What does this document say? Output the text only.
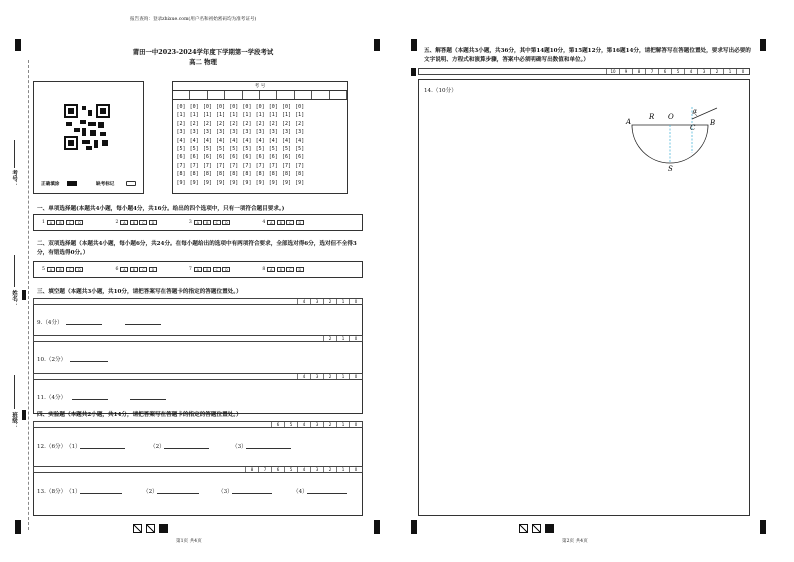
报告查询：登录zhixue.com(用户名和初始密码均为准考证号)
考号：
姓名：
班级：
莆田一中2023-2024学年度下学期第一学段考试
高二 物理
正确填涂	缺考标记
考 号
[0] [0] [0] [0] [0] [0] [0] [0] [0] [0]
[1] [1] [1] [1] [1] [1] [1] [1] [1] [1]
[2] [2] [2] [2] [2] [2] [2] [2] [2] [2]
[3] [3] [3] [3] [3] [3] [3] [3] [3] [3]
[4] [4] [4] [4] [4] [4] [4] [4] [4] [4]
[5] [5] [5] [5] [5] [5] [5] [5] [5] [5]
[6] [6] [6] [6] [6] [6] [6] [6] [6] [6]
[7] [7] [7] [7] [7] [7] [7] [7] [7] [7]
[8] [8] [8] [8] [8] [8] [8] [8] [8] [8]
[9] [9] [9] [9] [9] [9] [9] [9] [9] [9]
一、单项选择题(本题共4小题，每小题4分，共16分。给出的四个选项中，只有一项符合题目要求。)
1	A	B	C	D	2	A	B	C	D	3	A	B	C	D	4	A	B	C	D
二、双项选择题（本题共4小题，每小题6分，共24分。在每小题给出的选项中有两项符合要求，全部选对得6分，选对但不全得3分，有错选得0分。）
5	A	B	C	D	6	A	B	C	D	7	A	B	C	D	8	A	B	C	D
三、填空题（本题共3小题，共10分，请把答案写在答题卡的指定的答题位置处。）
4	3	2	1	0
9.（4分）
2	1	0
10.（2分）
4	3	2	1	0
11.（4分）
四、实验题（本题共2小题，共14分，请把答案写在答题卡的指定的答题位置处。）
6	5	4	3	2	1	0
12.（6分） （1）	（2）	（3）
8	7	6	5	4	3	2	1	0
13.（8分） （1）	（2）	（3）	（4）
第1页 共4页
五、解答题（本题共3小题，共36分，其中第14题10分，第15题12分，第16题14分，请把解答写在答题位置处，要求写出必要的文字说明、方程式和演算步骤，答案中必须明确写出数值和单位。）
10	9	8	7	6	5	4	3	2	1	0
14.（10分）
A
R O
B
C
S
α
第2页 共4页
